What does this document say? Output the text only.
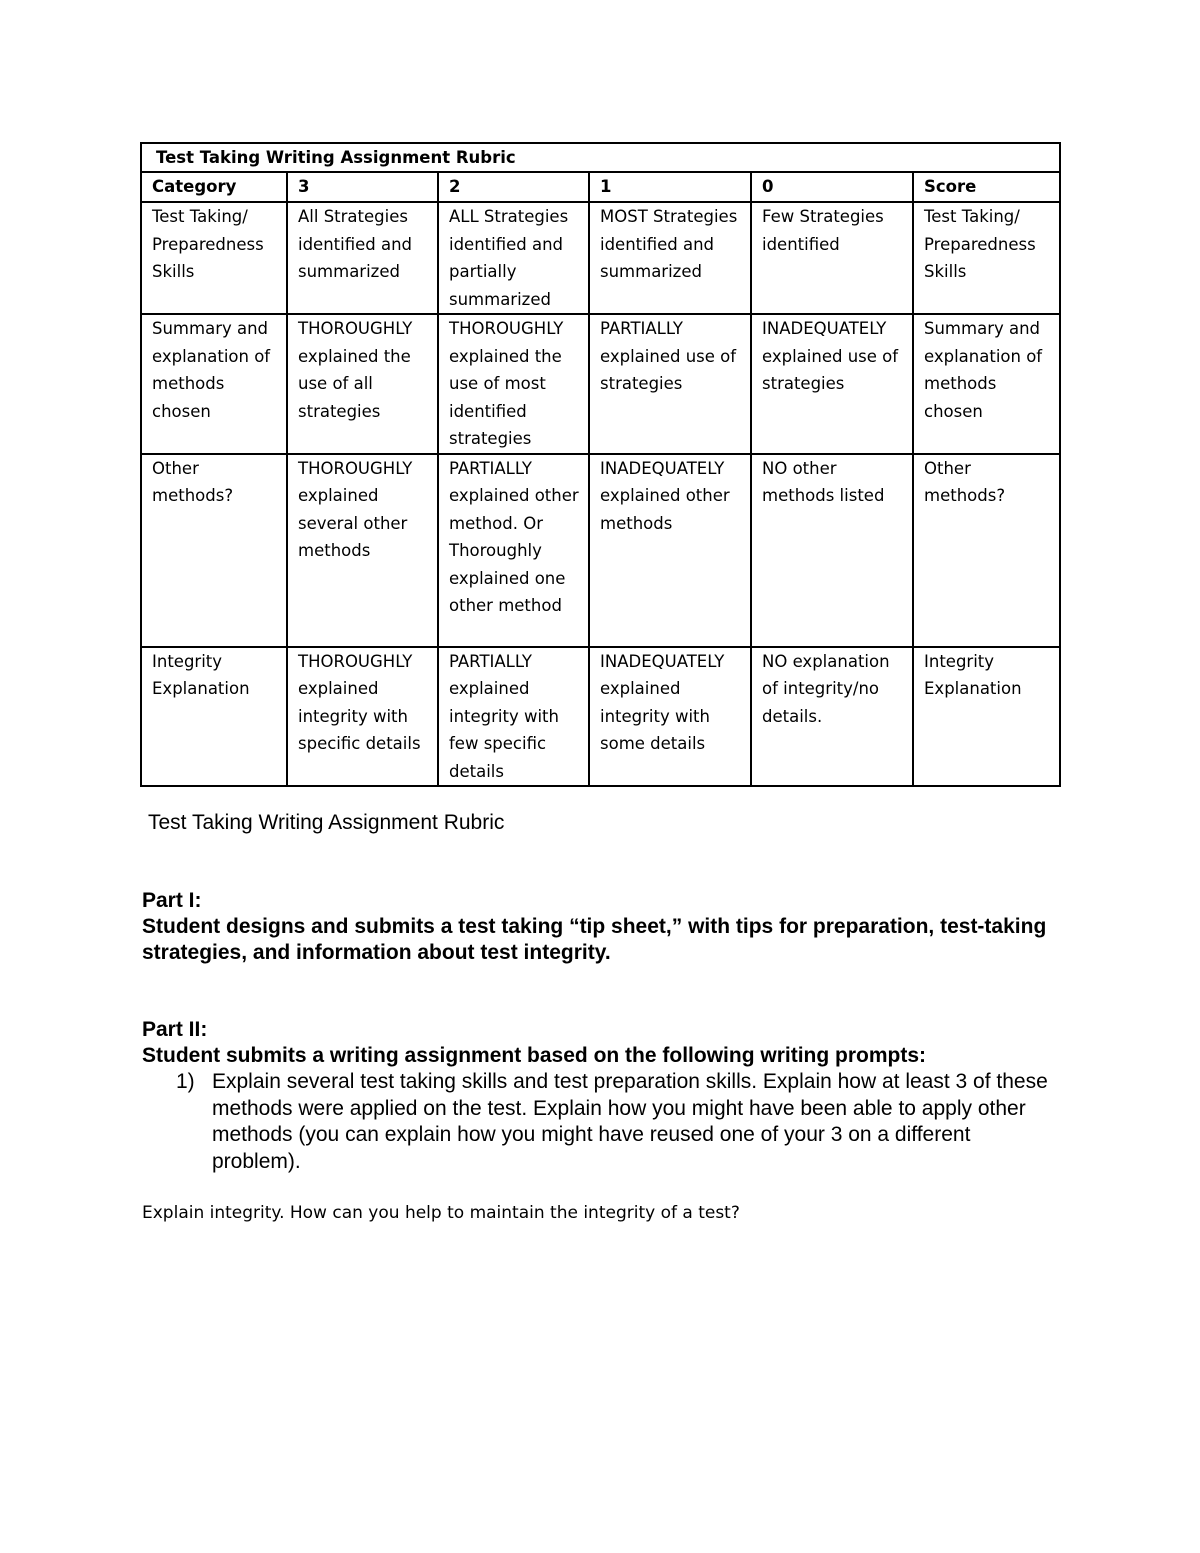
Test Taking Writing Assignment Rubric					
Category	3	2	1	0	Score
Test Taking/ Preparedness Skills	All Strategies identified and summarized	ALL Strategies identified and partially summarized	MOST Strategies identified and summarized	Few Strategies identified	Test Taking/ Preparedness Skills
Summary and explanation of methods chosen	THOROUGHLY explained the use of all strategies	THOROUGHLY explained the use of most identified strategies	PARTIALLY explained use of strategies	INADEQUATELY explained use of strategies	Summary and explanation of methods chosen
Other methods?	THOROUGHLY explained several other methods	PARTIALLY explained other method. Or Thoroughly explained one other method	INADEQUATELY explained other methods	NO other methods listed	Other methods?
Integrity Explanation	THOROUGHLY explained integrity with specific details	PARTIALLY explained integrity with few specific details	INADEQUATELY explained integrity with some details	NO explanation of integrity/no details.	Integrity Explanation
Test Taking Writing Assignment Rubric
Part I:
Student designs and submits a test taking “tip sheet,” with tips for preparation, test-taking strategies, and information about test integrity.
Part II:
Student submits a writing assignment based on the following writing prompts:
1) Explain several test taking skills and test preparation skills. Explain how at least 3 of these methods were applied on the test. Explain how you might have been able to apply other methods (you can explain how you might have reused one of your 3 on a different problem).
Explain integrity. How can you help to maintain the integrity of a test?
